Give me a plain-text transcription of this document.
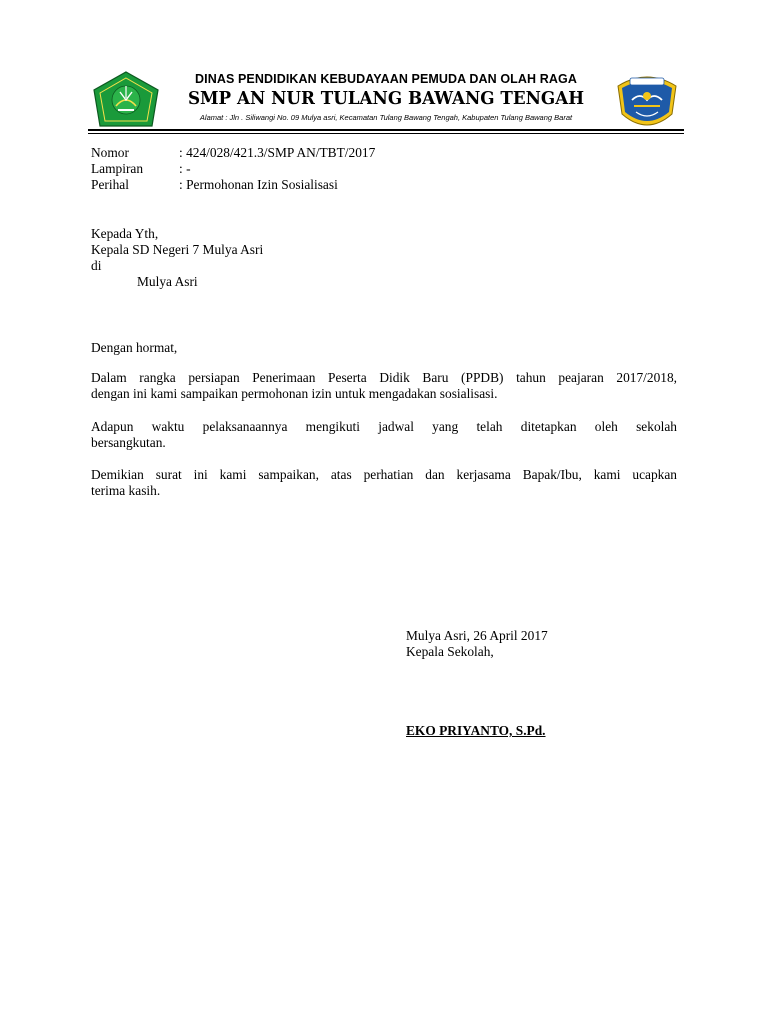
DINAS PENDIDIKAN KEBUDAYAAN PEMUDA DAN OLAH RAGA
SMP AN NUR TULANG BAWANG TENGAH
Alamat : Jln . Siliwangi No. 09 Mulya asri, Kecamatan Tulang Bawang Tengah, Kabupaten Tulang Bawang Barat
Nomor	: 424/028/421.3/SMP AN/TBT/2017
Lampiran	: -
Perihal	: Permohonan Izin Sosialisasi
Kepada Yth,
Kepala SD Negeri 7 Mulya Asri
di
Mulya Asri
Dengan hormat,
Dalam rangka persiapan Penerimaan Peserta Didik Baru (PPDB) tahun peajaran 2017/2018,
dengan ini kami sampaikan permohonan izin untuk mengadakan sosialisasi.
Adapun waktu pelaksanaannya mengikuti jadwal yang telah ditetapkan oleh sekolah
bersangkutan.
Demikian surat ini kami sampaikan, atas perhatian dan kerjasama Bapak/Ibu, kami ucapkan
terima kasih.
Mulya Asri, 26 April 2017
Kepala Sekolah,
EKO PRIYANTO, S.Pd.
